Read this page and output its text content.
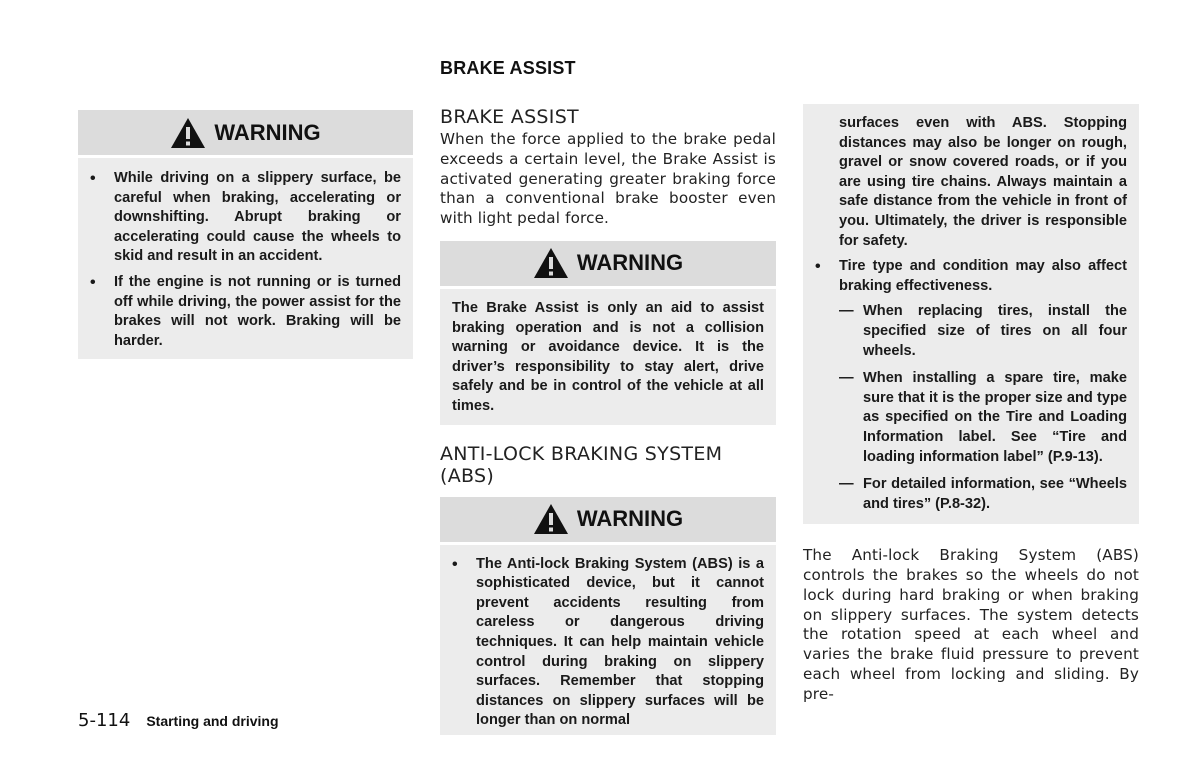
BRAKE ASSIST
WARNING
• While driving on a slippery surface, be careful when braking, accelerating or downshifting. Abrupt braking or accelerating could cause the wheels to skid and result in an accident.
• If the engine is not running or is turned off while driving, the power assist for the brakes will not work. Braking will be harder.
BRAKE ASSIST
When the force applied to the brake pedal exceeds a certain level, the Brake Assist is activated generating greater braking force than a conventional brake booster even with light pedal force.
WARNING
The Brake Assist is only an aid to assist braking operation and is not a collision warning or avoidance device. It is the driver’s responsibility to stay alert, drive safely and be in control of the vehicle at all times.
ANTI-LOCK BRAKING SYSTEM (ABS)
WARNING
• The Anti-lock Braking System (ABS) is a sophisticated device, but it cannot prevent accidents resulting from careless or dangerous driving techniques. It can help maintain vehicle control during braking on slippery surfaces. Remember that stopping distances on slippery surfaces will be longer than on normal
surfaces even with ABS. Stopping distances may also be longer on rough, gravel or snow covered roads, or if you are using tire chains. Always maintain a safe distance from the vehicle in front of you. Ultimately, the driver is responsible for safety.
• Tire type and condition may also affect braking effectiveness.
— When replacing tires, install the specified size of tires on all four wheels.
— When installing a spare tire, make sure that it is the proper size and type as specified on the Tire and Loading Information label. See “Tire and loading information label” (P.9-13).
— For detailed information, see “Wheels and tires” (P.8-32).
The Anti-lock Braking System (ABS) controls the brakes so the wheels do not lock during hard braking or when braking on slippery surfaces. The system detects the rotation speed at each wheel and varies the brake fluid pressure to prevent each wheel from locking and sliding. By pre-
5-114 Starting and driving
